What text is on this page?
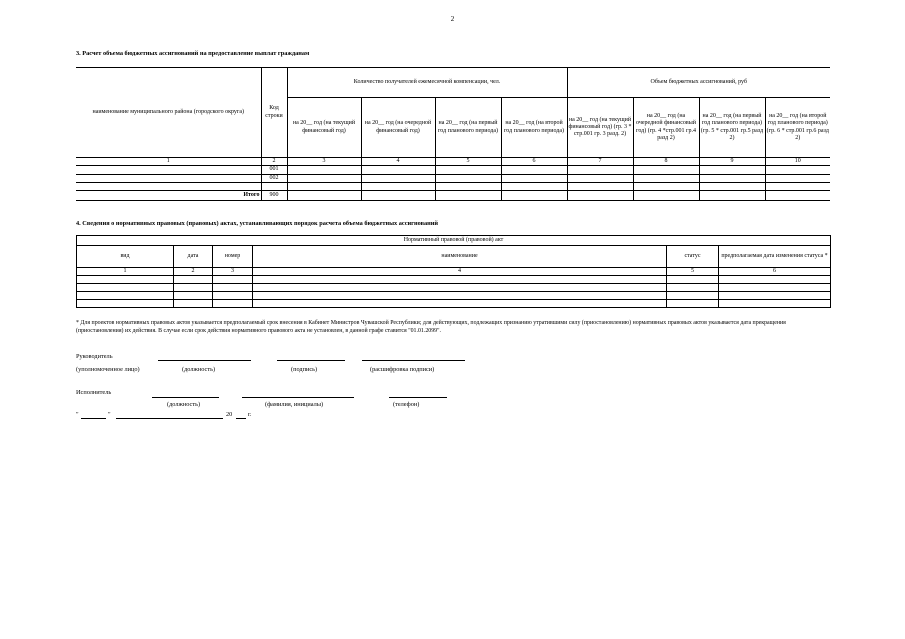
2
3. Расчет объема бюджетных ассигнований на предоставление выплат гражданам
наименование муниципального района (городского округа)	Код строки	Количество получателей ежемесячной компенсации, чел.				Объем бюджетных ассигнований, руб			
		на 20__ год (на текущий финансовый год)	на 20__ год (на очередной финансовый год)	на 20__ год (на первый год планового периода)	на 20__ год (на второй год планового периода)	на 20__ год (на текущий финансовый год) (гр. 3 * стр.001 гр. 3 разд. 2)	на 20__ год (на очередной финансовый год) (гр. 4 *стр.001 гр.4 разд 2)	на 20__ год (на первый год планового периода) (гр. 5 * стр.001 гр.5 разд 2)	на 20__ год (на второй год планового периода) (гр. 6 * стр.001 гр.6 разд 2)
1	2	3	4	5	6	7	8	9	10
	001								
	002								

Итого	900								
4. Сведения о нормативных правовых (правовых) актах, устанавливающих порядок расчета объема бюджетных ассигнований
Нормативный правовой (правовой) акт					
вид	дата	номер	наименование	статус	предполагаемая дата изменения статуса *
1	2	3	4	5	6

* Для проектов нормативных правовых актов указывается предполагаемый срок внесения в Кабинет Министров Чувашской Республики; для действующих, подлежащих признанию утратившими силу (приостановлению) нормативных правовых актов указывается дата прекращения (приостановления) их действия. В случае если срок действия нормативного правового акта не установлен, в данной графе ставится "01.01.2099".
Руководитель
(уполномоченное лицо)	(должность)	(подпись)	(расшифровка подписи)
Исполнитель
(должность)	(фамилия, инициалы)	(телефон)
"	"	20 г.
